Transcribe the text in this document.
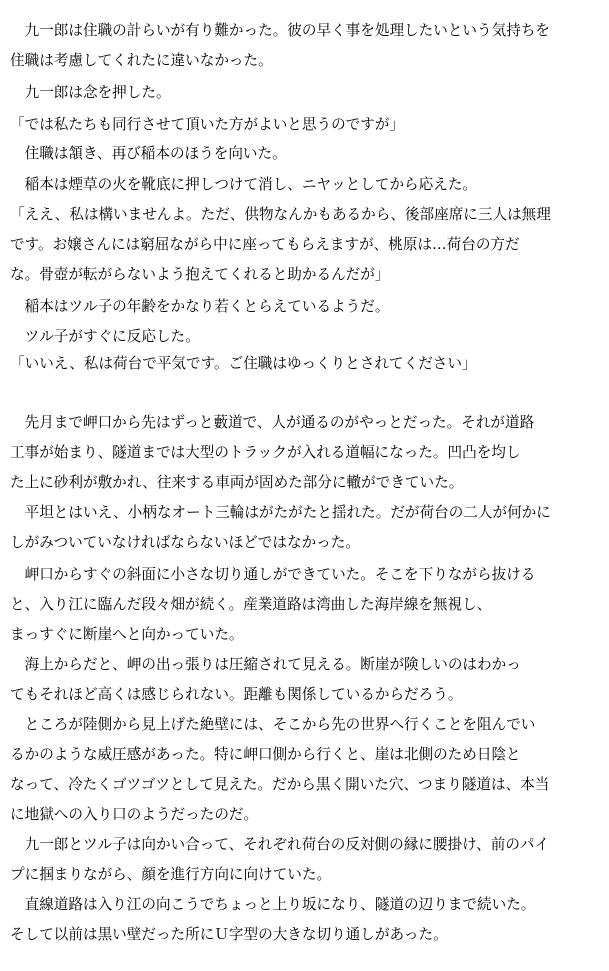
　九一郎は住職の計らいが有り難かった。彼の早く事を処理したいという気持ちを
住職は考慮してくれたに違いなかった。
　九一郎は念を押した。
「では私たちも同行させて頂いた方がよいと思うのですが」
　住職は頷き、再び稲本のほうを向いた。
　稲本は煙草の火を靴底に押しつけて消し、ニヤッとしてから応えた。
「ええ、私は構いませんよ。ただ、供物なんかもあるから、後部座席に三人は無理
です。お嬢さんには窮屈ながら中に座ってもらえますが、桃原は…荷台の方だ
な。骨壺が転がらないよう抱えてくれると助かるんだが」
　稲本はツル子の年齢をかなり若くとらえているようだ。
　ツル子がすぐに反応した。
「いいえ、私は荷台で平気です。ご住職はゆっくりとされてください」
　先月まで岬口から先はずっと藪道で、人が通るのがやっとだった。それが道路
工事が始まり、隧道までは大型のトラックが入れる道幅になった。凹凸を均し
た上に砂利が敷かれ、往来する車両が固めた部分に轍ができていた。
　平坦とはいえ、小柄なオート三輪はがたがたと揺れた。だが荷台の二人が何かに
しがみついていなければならないほどではなかった。
　岬口からすぐの斜面に小さな切り通しができていた。そこを下りながら抜ける
と、入り江に臨んだ段々畑が続く。産業道路は湾曲した海岸線を無視し、
まっすぐに断崖へと向かっていた。
　海上からだと、岬の出っ張りは圧縮されて見える。断崖が険しいのはわかっ
てもそれほど高くは感じられない。距離も関係しているからだろう。
　ところが陸側から見上げた絶壁には、そこから先の世界へ行くことを阻んでい
るかのような威圧感があった。特に岬口側から行くと、崖は北側のため日陰と
なって、冷たくゴツゴツとして見えた。だから黒く開いた穴、つまり隧道は、本当
に地獄への入り口のようだったのだ。
　九一郎とツル子は向かい合って、それぞれ荷台の反対側の縁に腰掛け、前のパイ
プに掴まりながら、顔を進行方向に向けていた。
　直線道路は入り江の向こうでちょっと上り坂になり、隧道の辺りまで続いた。
そして以前は黒い壁だった所にＵ字型の大きな切り通しがあった。
